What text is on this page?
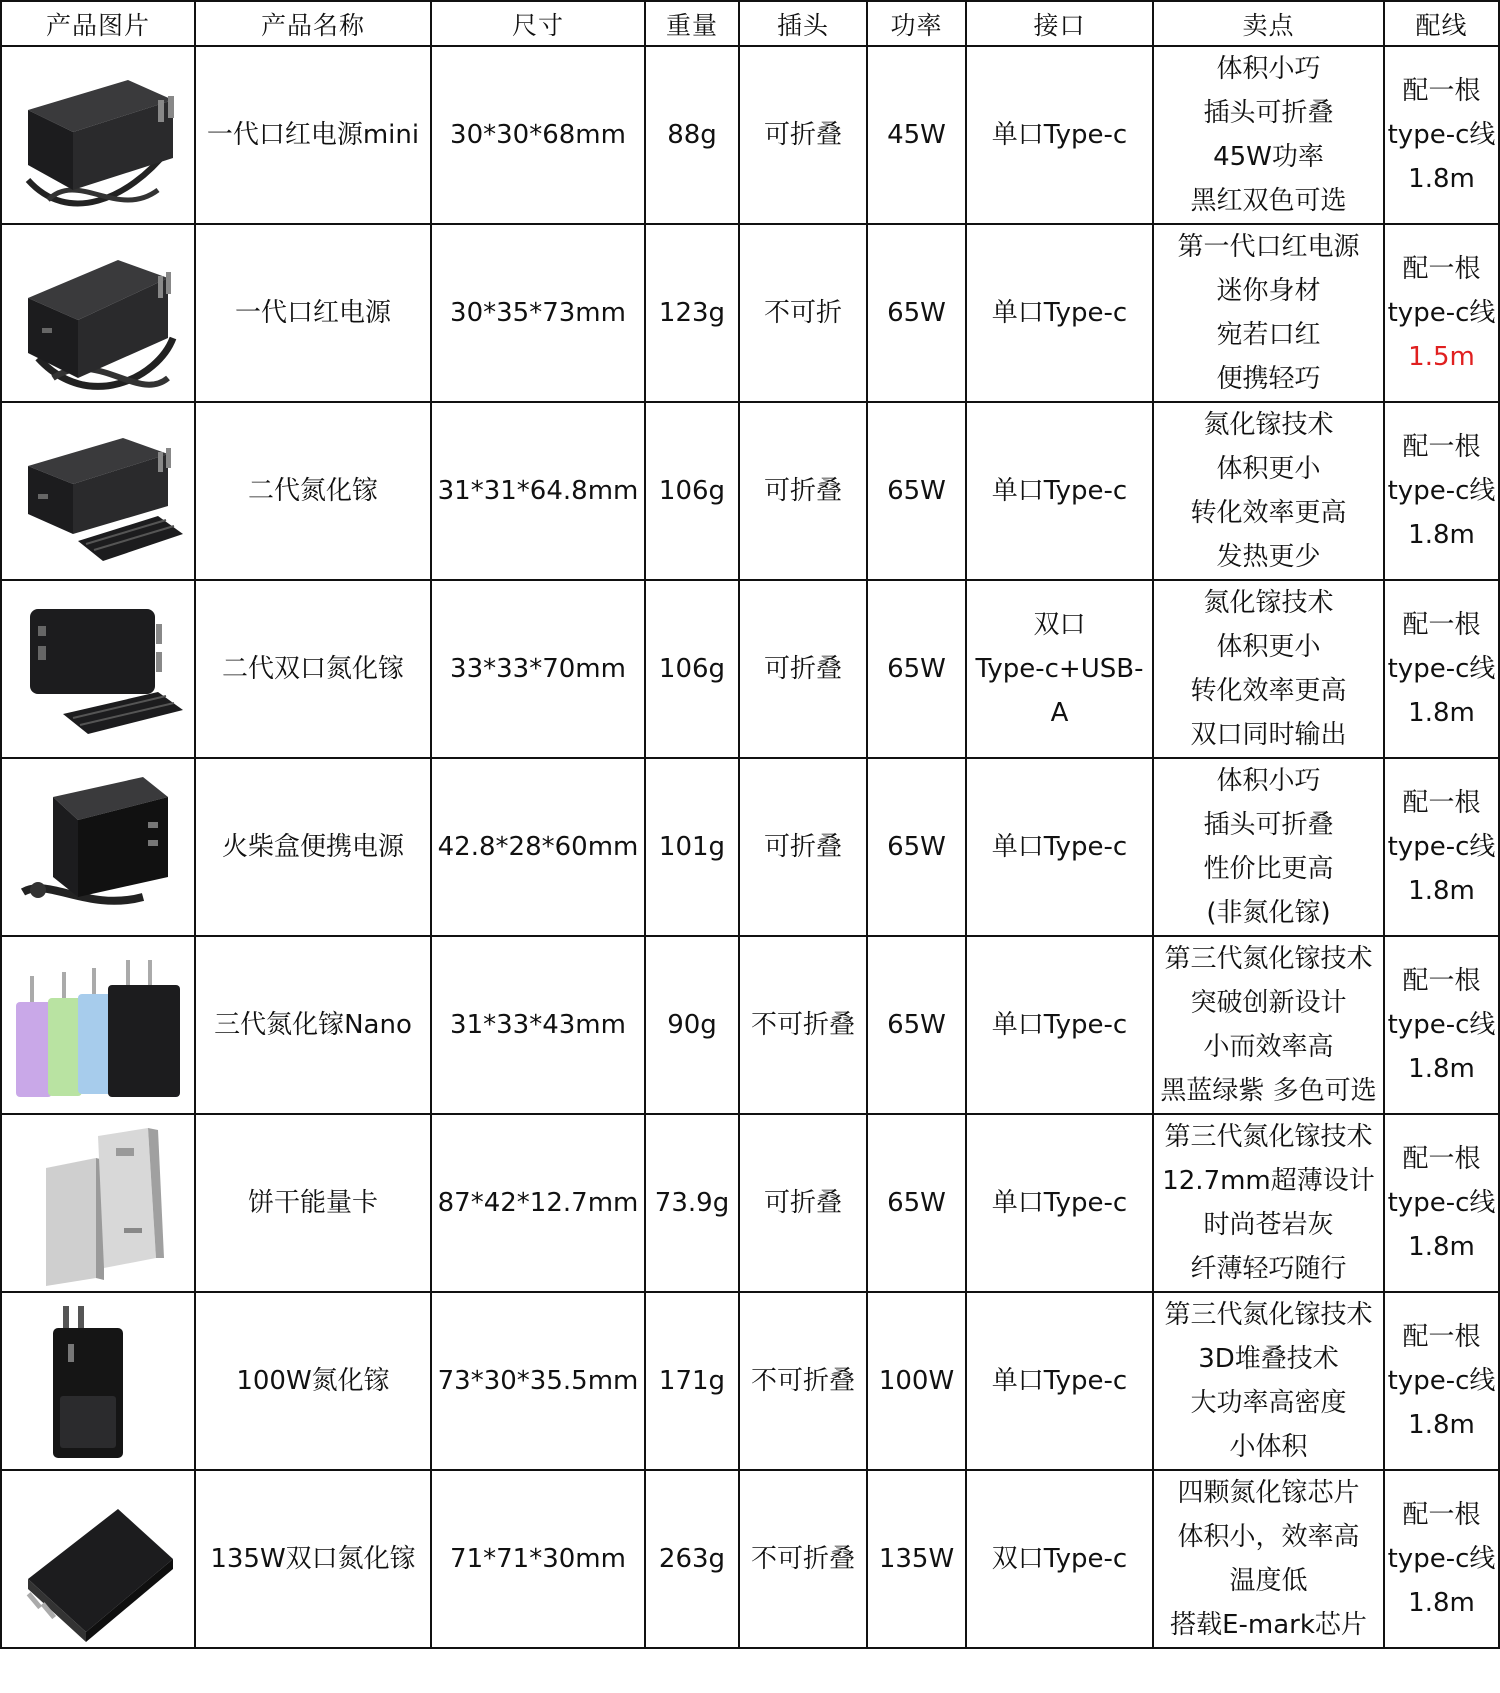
产品图片	产品名称	尺寸	重量	插头	功率	接口	卖点	配线

	一代口红电源mini	30*30*68mm	88g	可折叠	45W	单口Type-c	体积小巧
插头可折叠
45W功率
黑红双色可选	配一根
type-c线
1.8m

	一代口红电源	30*35*73mm	123g	不可折	65W	单口Type-c	第一代口红电源
迷你身材
宛若口红
便携轻巧	配一根
type-c线
1.5m

	二代氮化镓	31*31*64.8mm	106g	可折叠	65W	单口Type-c	氮化镓技术
体积更小
转化效率更高
发热更少	配一根
type-c线
1.8m

	二代双口氮化镓	33*33*70mm	106g	可折叠	65W	双口
Type-c+USB-
A	氮化镓技术
体积更小
转化效率更高
双口同时输出	配一根
type-c线
1.8m

	火柴盒便携电源	42.8*28*60mm	101g	可折叠	65W	单口Type-c	体积小巧
插头可折叠
性价比更高
(非氮化镓)	配一根
type-c线
1.8m

	三代氮化镓Nano	31*33*43mm	90g	不可折叠	65W	单口Type-c	第三代氮化镓技术
突破创新设计
小而效率高
黑蓝绿紫 多色可选	配一根
type-c线
1.8m

	饼干能量卡	87*42*12.7mm	73.9g	可折叠	65W	单口Type-c	第三代氮化镓技术
12.7mm超薄设计
时尚苍岩灰
纤薄轻巧随行	配一根
type-c线
1.8m

	100W氮化镓	73*30*35.5mm	171g	不可折叠	100W	单口Type-c	第三代氮化镓技术
3D堆叠技术
大功率高密度
小体积	配一根
type-c线
1.8m

	135W双口氮化镓	71*71*30mm	263g	不可折叠	135W	双口Type-c	四颗氮化镓芯片
体积小，效率高
温度低
搭载E-mark芯片	配一根
type-c线
1.8m
